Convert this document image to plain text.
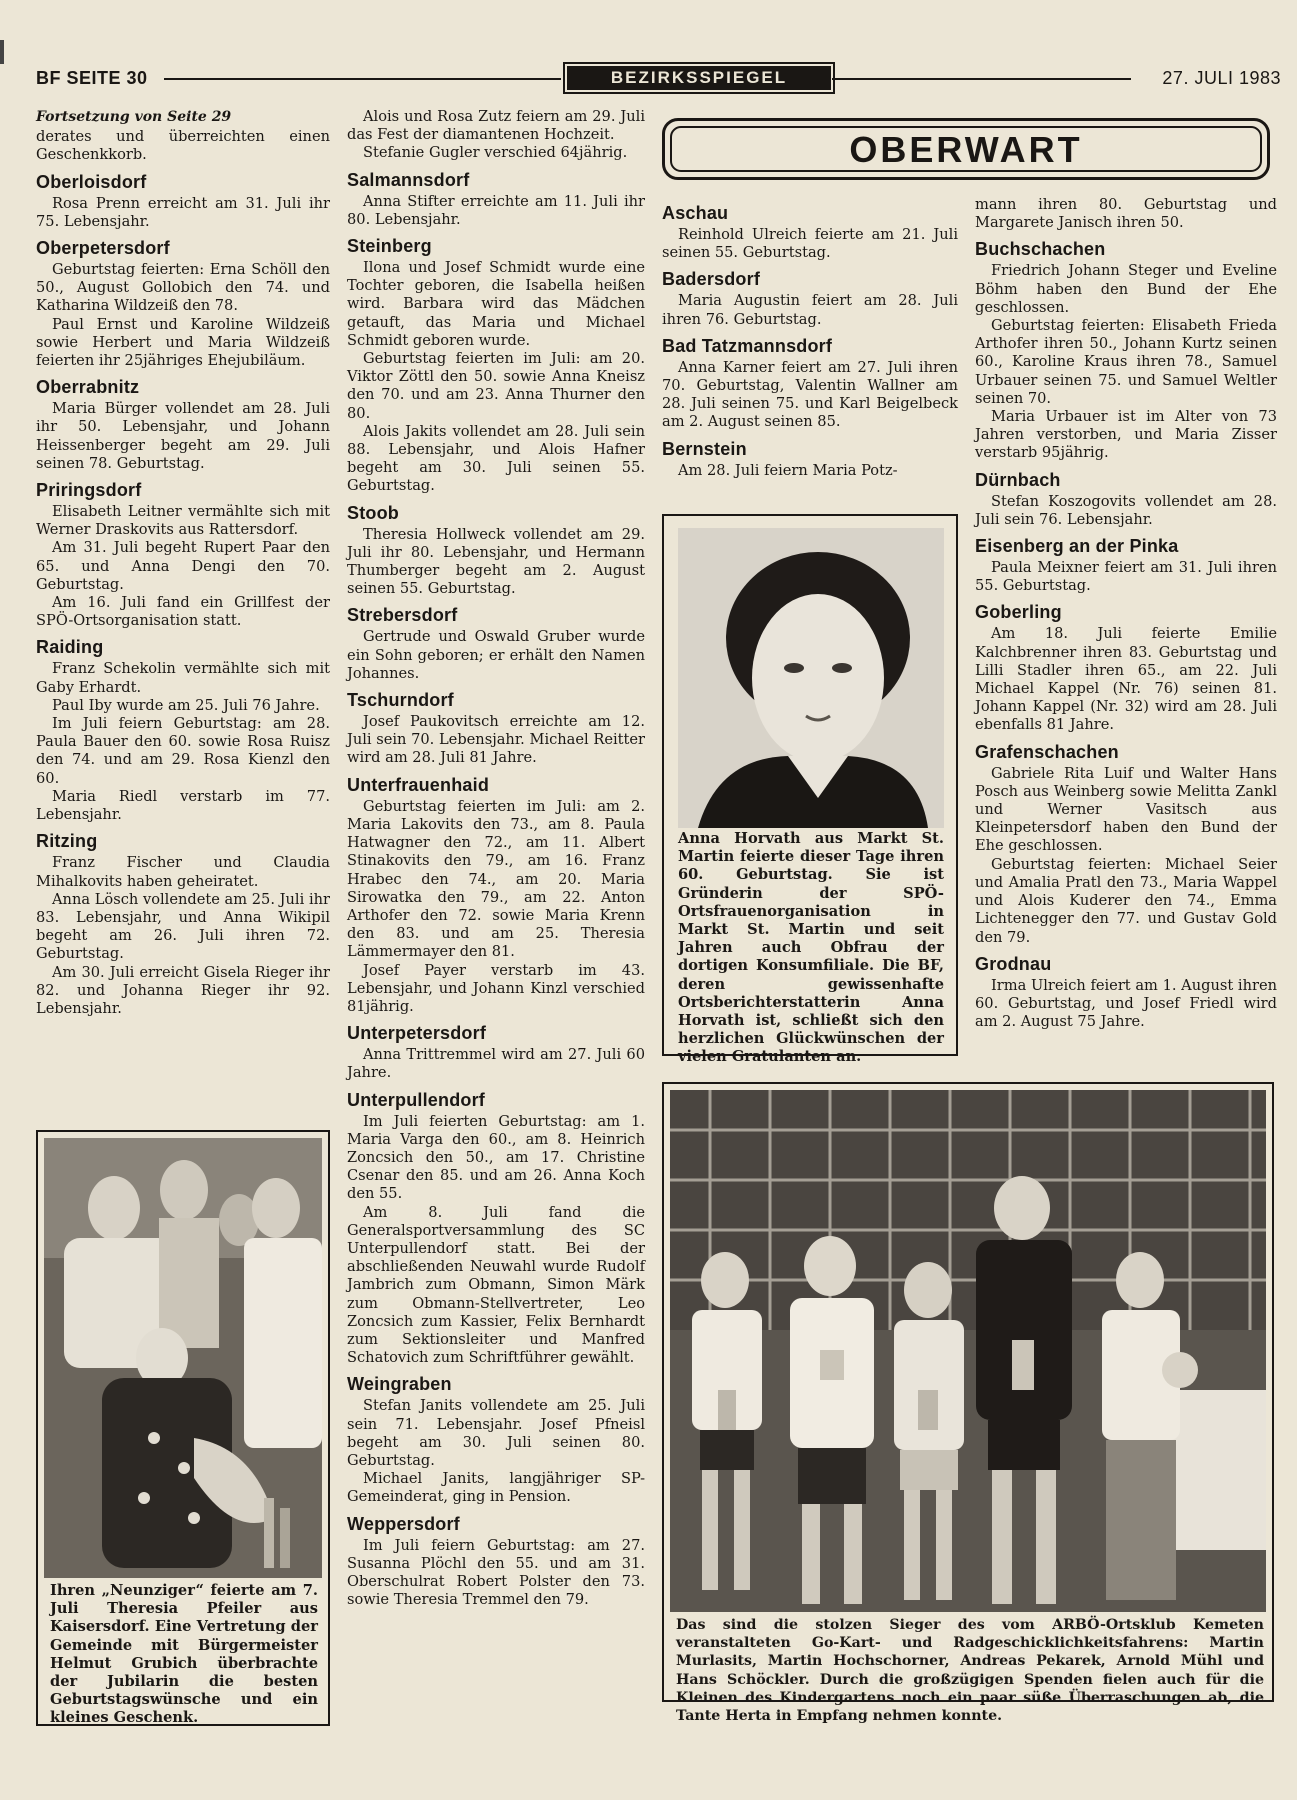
BF SEITE 30	BEZIRKSSPIEGEL	27. JULI 1983
Fortsetzung von Seite 29

derates und überreichten einen Geschenkkorb.

Oberloisdorf

Rosa Prenn erreicht am 31. Juli ihr 75. Lebensjahr.

Oberpetersdorf

Geburtstag feierten: Erna Schöll den 50., August Gollobich den 74. und Katharina Wildzeiß den 78.

Paul Ernst und Karoline Wildzeiß sowie Herbert und Maria Wildzeiß feierten ihr 25jähriges Ehejubiläum.

Oberrabnitz

Maria Bürger vollendet am 28. Juli ihr 50. Lebensjahr, und Johann Heissenberger begeht am 29. Juli seinen 78. Geburtstag.

Priringsdorf

Elisabeth Leitner vermählte sich mit Werner Draskovits aus Rattersdorf.

Am 31. Juli begeht Rupert Paar den 65. und Anna Dengi den 70. Geburtstag.

Am 16. Juli fand ein Grillfest der SPÖ-Ortsorganisation statt.

Raiding

Franz Schekolin vermählte sich mit Gaby Erhardt.

Paul Iby wurde am 25. Juli 76 Jahre.

Im Juli feiern Geburtstag: am 28. Paula Bauer den 60. sowie Rosa Ruisz den 74. und am 29. Rosa Kienzl den 60.

Maria Riedl verstarb im 77. Lebensjahr.

Ritzing

Franz Fischer und Claudia Mihalkovits haben geheiratet.

Anna Lösch vollendete am 25. Juli ihr 83. Lebensjahr, und Anna Wikipil begeht am 26. Juli ihren 72. Geburtstag.

Am 30. Juli erreicht Gisela Rieger ihr 82. und Johanna Rieger ihr 92. Lebensjahr.

Ihren „Neunziger“ feierte am 7. Juli Theresia Pfeiler aus Kaisersdorf. Eine Vertretung der Gemeinde mit Bürgermeister Helmut Grubich überbrachte der Jubilarin die besten Geburtstagswünsche und ein kleines Geschenk.

Alois und Rosa Zutz feiern am 29. Juli das Fest der diamantenen Hochzeit.

Stefanie Gugler verschied 64jährig.

Salmannsdorf

Anna Stifter erreichte am 11. Juli ihr 80. Lebensjahr.

Steinberg

Ilona und Josef Schmidt wurde eine Tochter geboren, die Isabella heißen wird. Barbara wird das Mädchen getauft, das Maria und Michael Schmidt geboren wurde.

Geburtstag feierten im Juli: am 20. Viktor Zöttl den 50. sowie Anna Kneisz den 70. und am 23. Anna Thurner den 80.

Alois Jakits vollendet am 28. Juli sein 88. Lebensjahr, und Alois Hafner begeht am 30. Juli seinen 55. Geburtstag.

Stoob

Theresia Hollweck vollendet am 29. Juli ihr 80. Lebensjahr, und Hermann Thumberger begeht am 2. August seinen 55. Geburtstag.

Strebersdorf

Gertrude und Oswald Gruber wurde ein Sohn geboren; er erhält den Namen Johannes.

Tschurndorf

Josef Paukovitsch erreichte am 12. Juli sein 70. Lebensjahr. Michael Reitter wird am 28. Juli 81 Jahre.

Unterfrauenhaid

Geburtstag feierten im Juli: am 2. Maria Lakovits den 73., am 8. Paula Hatwagner den 72., am 11. Albert Stinakovits den 79., am 16. Franz Hrabec den 74., am 20. Maria Sirowatka den 79., am 22. Anton Arthofer den 72. sowie Maria Krenn den 83. und am 25. Theresia Lämmermayer den 81.

Josef Payer verstarb im 43. Lebensjahr, und Johann Kinzl verschied 81jährig.

Unterpetersdorf

Anna Trittremmel wird am 27. Juli 60 Jahre.

Unterpullendorf

Im Juli feierten Geburtstag: am 1. Maria Varga den 60., am 8. Heinrich Zoncsich den 50., am 17. Christine Csenar den 85. und am 26. Anna Koch den 55.

Am 8. Juli fand die Generalsportversammlung des SC Unterpullendorf statt. Bei der abschließenden Neuwahl wurde Rudolf Jambrich zum Obmann, Simon Märk zum Obmann-Stellvertreter, Leo Zoncsich zum Kassier, Felix Bernhardt zum Sektionsleiter und Manfred Schatovich zum Schriftführer gewählt.

Weingraben

Stefan Janits vollendete am 25. Juli sein 71. Lebensjahr. Josef Pfneisl begeht am 30. Juli seinen 80. Geburtstag.

Michael Janits, langjähriger SP-Gemeinderat, ging in Pension.

Weppersdorf

Im Juli feiern Geburtstag: am 27. Susanna Plöchl den 55. und am 31. Oberschulrat Robert Polster den 73. sowie Theresia Tremmel den 79.

OBERWART
Aschau

Reinhold Ulreich feierte am 21. Juli seinen 55. Geburtstag.

Badersdorf

Maria Augustin feiert am 28. Juli ihren 76. Geburtstag.

Bad Tatzmannsdorf

Anna Karner feiert am 27. Juli ihren 70. Geburtstag, Valentin Wallner am 28. Juli seinen 75. und Karl Beigelbeck am 2. August seinen 85.

Bernstein

Am 28. Juli feiern Maria Potz-

Anna Horvath aus Markt St. Martin feierte dieser Tage ihren 60. Geburtstag. Sie ist Gründerin der SPÖ-Ortsfrauenorganisation in Markt St. Martin und seit Jahren auch Obfrau der dortigen Konsumfiliale. Die BF, deren gewissenhafte Ortsberichterstatterin Anna Horvath ist, schließt sich den herzlichen Glückwünschen der vielen Gratulanten an.

mann ihren 80. Geburtstag und Margarete Janisch ihren 50.

Buchschachen

Friedrich Johann Steger und Eveline Böhm haben den Bund der Ehe geschlossen.

Geburtstag feierten: Elisabeth Frieda Arthofer ihren 50., Johann Kurtz seinen 60., Karoline Kraus ihren 78., Samuel Urbauer seinen 75. und Samuel Weltler seinen 70.

Maria Urbauer ist im Alter von 73 Jahren verstorben, und Maria Zisser verstarb 95jährig.

Dürnbach

Stefan Koszogovits vollendet am 28. Juli sein 76. Lebensjahr.

Eisenberg an der Pinka

Paula Meixner feiert am 31. Juli ihren 55. Geburtstag.

Goberling

Am 18. Juli feierte Emilie Kalchbrenner ihren 83. Geburtstag und Lilli Stadler ihren 65., am 22. Juli Michael Kappel (Nr. 76) seinen 81. Johann Kappel (Nr. 32) wird am 28. Juli ebenfalls 81 Jahre.

Grafenschachen

Gabriele Rita Luif und Walter Hans Posch aus Weinberg sowie Melitta Zankl und Werner Vasitsch aus Kleinpetersdorf haben den Bund der Ehe geschlossen.

Geburtstag feierten: Michael Seier und Amalia Pratl den 73., Maria Wappel und Alois Kuderer den 74., Emma Lichtenegger den 77. und Gustav Gold den 79.

Grodnau

Irma Ulreich feiert am 1. August ihren 60. Geburtstag, und Josef Friedl wird am 2. August 75 Jahre.

Das sind die stolzen Sieger des vom ARBÖ-Ortsklub Kemeten veranstalteten Go-Kart- und Radgeschicklichkeitsfahrens: Martin Murlasits, Martin Hochschorner, Andreas Pekarek, Arnold Mühl und Hans Schöckler. Durch die großzügigen Spenden fielen auch für die Kleinen des Kindergartens noch ein paar süße Überraschungen ab, die Tante Herta in Empfang nehmen konnte.
